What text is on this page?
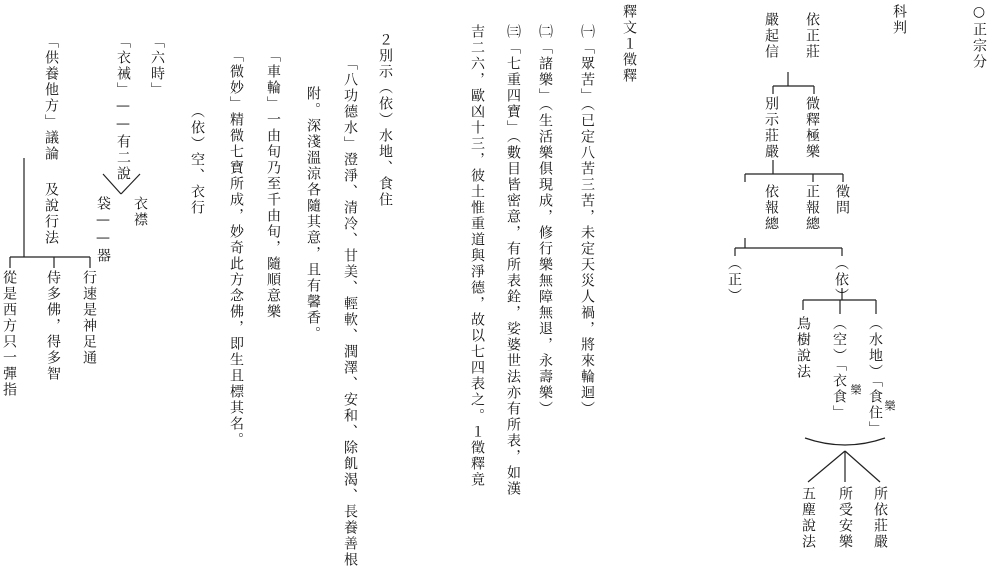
○正宗分
科判
依正莊
嚴起信
微釋極樂
別示莊嚴
徵問
正報總
依報總
（依）
（正）
（水地）「食住」 樂
（空）「衣食」 樂
鳥樹說法
所依莊嚴
所受安樂
五塵說法
釋文１徵釋
㈠「眾苦」（已定八苦三苦，未定天災人禍，將來輪迴）
㈡「諸樂」（生活樂俱現成，修行樂無障無退，永壽樂）
㈢「七重四寶」（數目皆密意，有所表銓，娑婆世法亦有所表，如漢
吉二六，歐凶十三，彼土惟重道與淨德，故以七四表之。１徵釋竟
２別示（依）水地、食住
「八功德水」澄淨、清冷、甘美、輕軟、潤澤、安和、除飢渴、長養善根
附。深淺溫涼各隨其意，且有馨香。
「車輪」一由旬乃至千由旬，隨順意樂
「微妙」精微七寶所成，妙奇此方念佛，即生且標其名。
（依）空、衣行
「六時」
「衣祴」——有二說
衣襟
袋——器
「供養他方」議論
及說行法
行速是神足通
侍多佛，得多智
從是西方只一彈指
